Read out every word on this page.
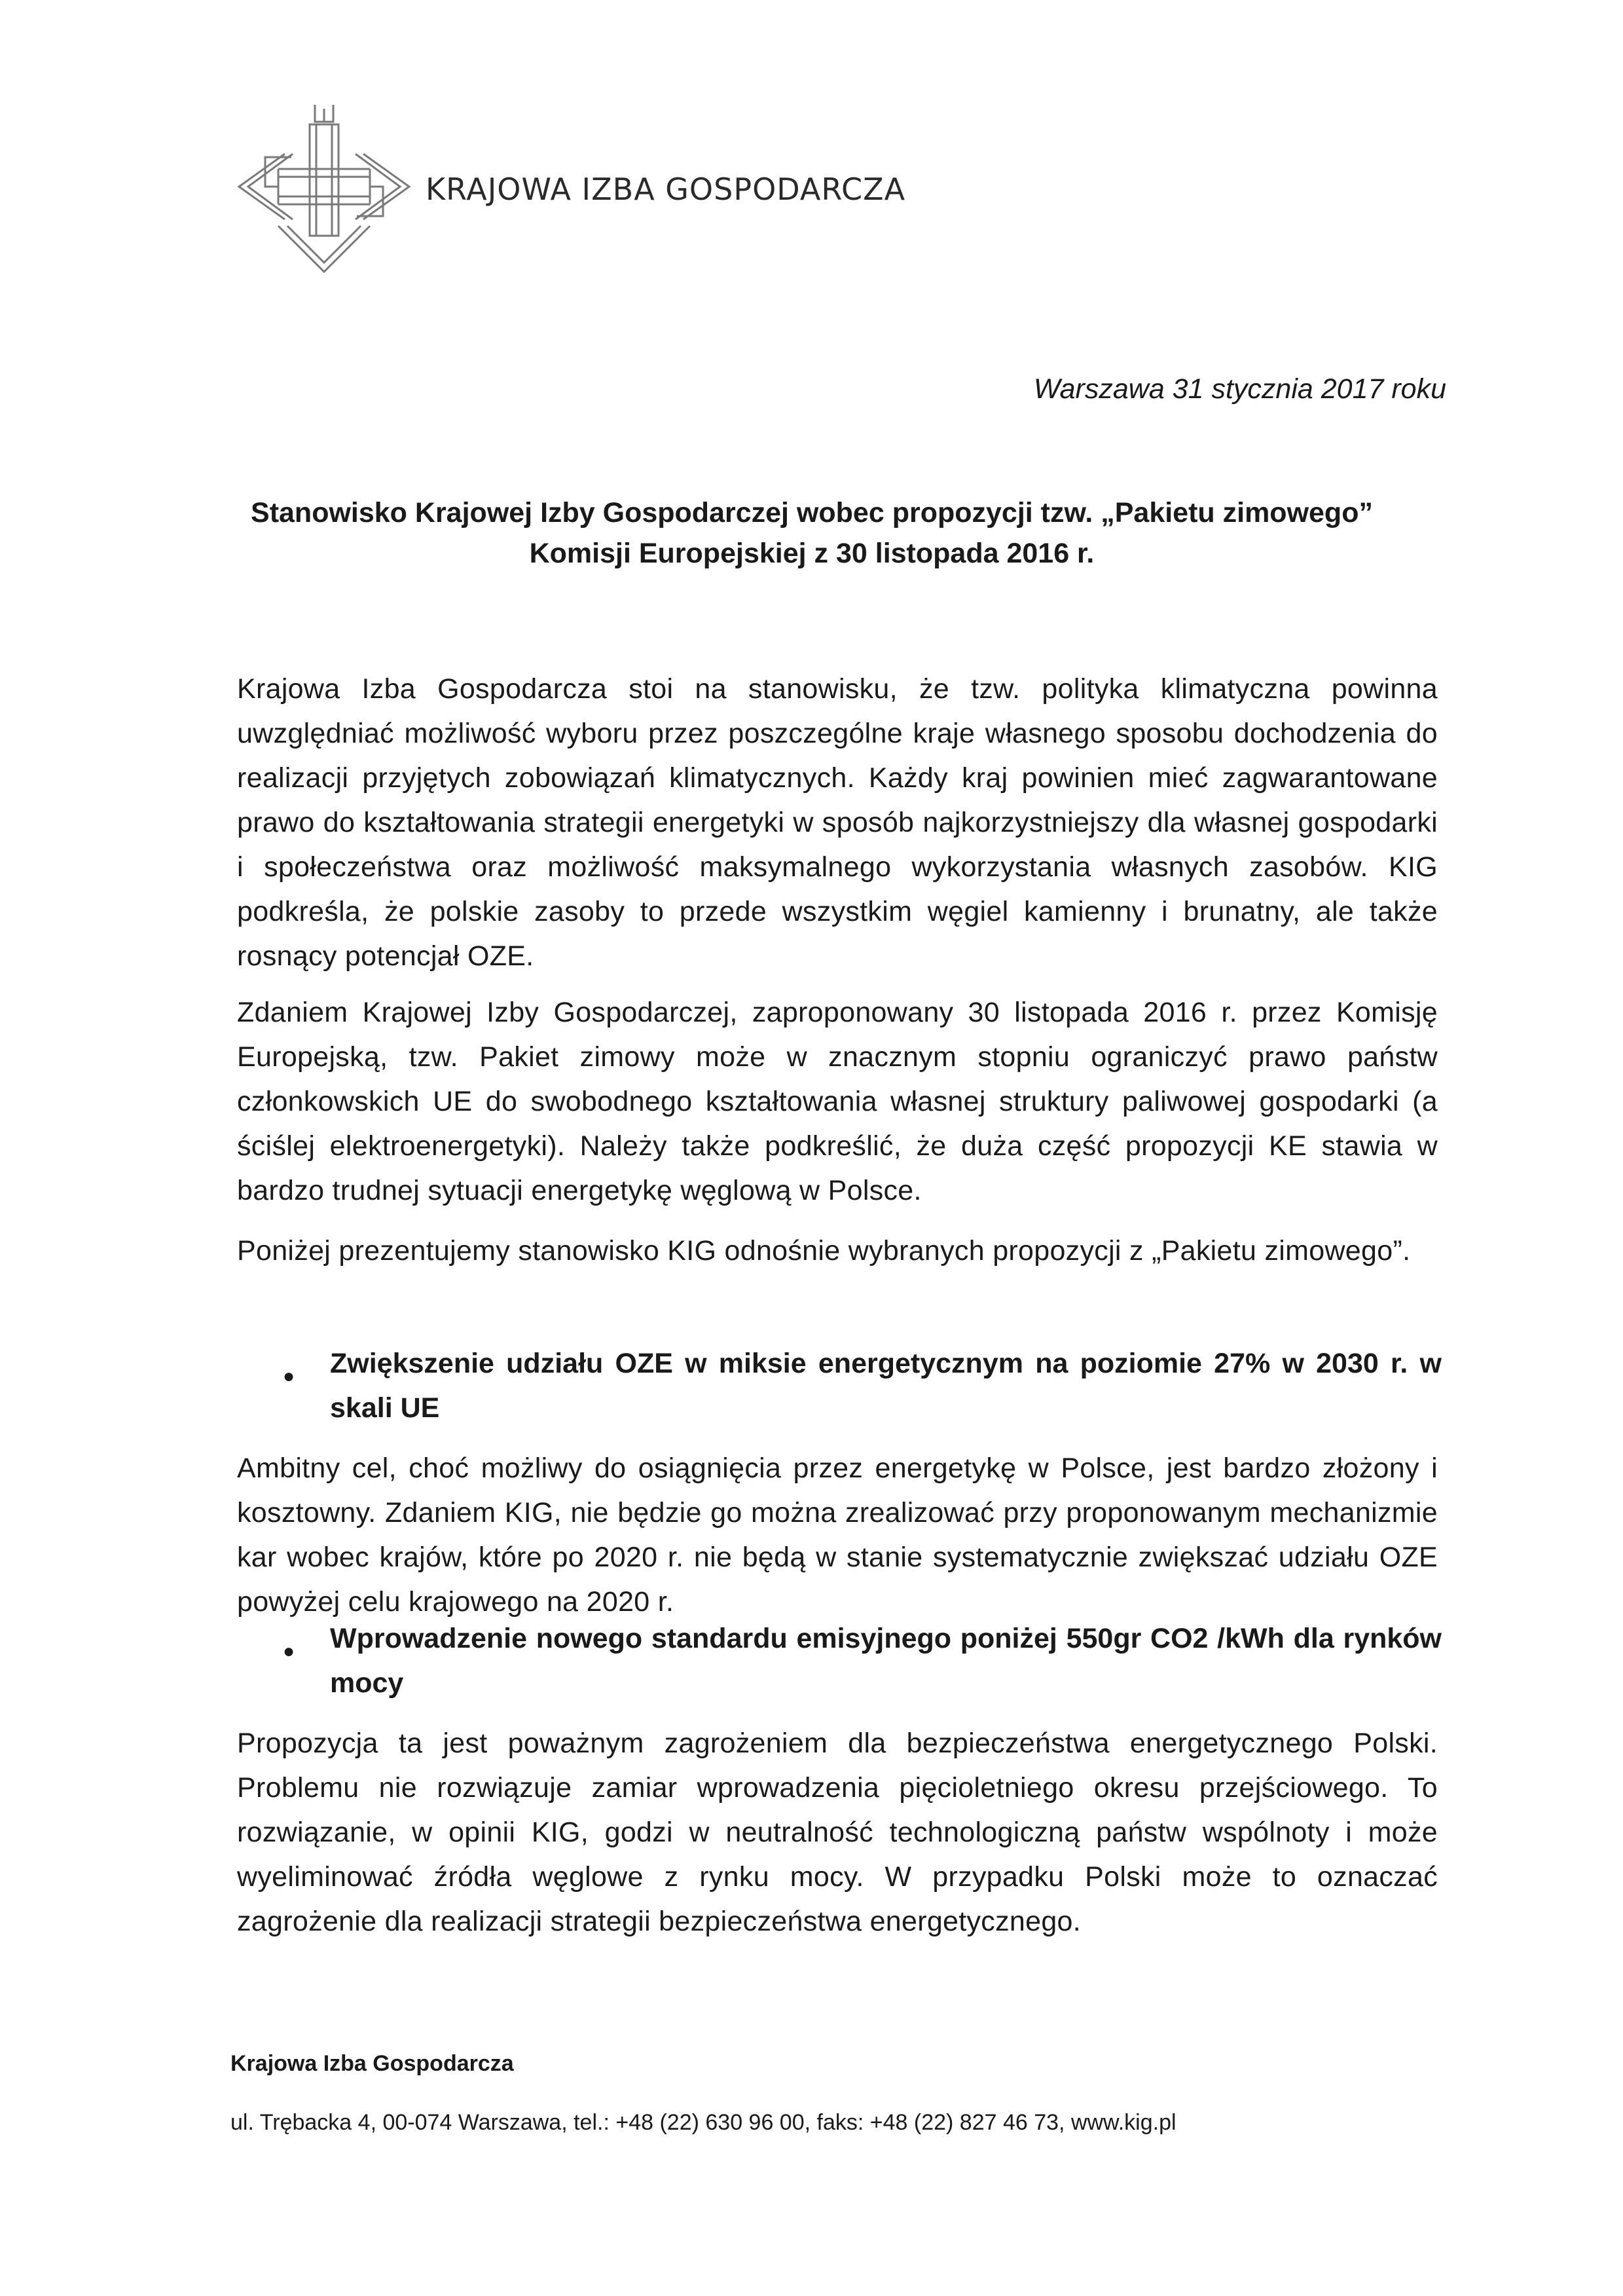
KRAJOWA IZBA GOSPODARCZA
Warszawa 31 stycznia 2017 roku
Stanowisko Krajowej Izby Gospodarczej wobec propozycji tzw. „Pakietu zimowego”
Komisji Europejskiej z 30 listopada 2016 r.
Krajowa Izba Gospodarcza stoi na stanowisku, że tzw. polityka klimatyczna powinna uwzględniać możliwość wyboru przez poszczególne kraje własnego sposobu dochodzenia do realizacji przyjętych zobowiązań klimatycznych. Każdy kraj powinien mieć zagwarantowane prawo do kształtowania strategii energetyki w sposób najkorzystniejszy dla własnej gospodarki i społeczeństwa oraz możliwość maksymalnego wykorzystania własnych zasobów. KIG podkreśla, że polskie zasoby to przede wszystkim węgiel kamienny i brunatny, ale także rosnący potencjał OZE.
Zdaniem Krajowej Izby Gospodarczej, zaproponowany 30 listopada 2016 r. przez Komisję Europejską, tzw. Pakiet zimowy może w znacznym stopniu ograniczyć prawo państw członkowskich UE do swobodnego kształtowania własnej struktury paliwowej gospodarki (a ściślej elektroenergetyki). Należy także podkreślić, że duża część propozycji KE stawia w bardzo trudnej sytuacji energetykę węglową w Polsce.
Poniżej prezentujemy stanowisko KIG odnośnie wybranych propozycji z „Pakietu zimowego”.
● Zwiększenie udziału OZE w miksie energetycznym na poziomie 27% w 2030 r. w skali UE
Ambitny cel, choć możliwy do osiągnięcia przez energetykę w Polsce, jest bardzo złożony i kosztowny. Zdaniem KIG, nie będzie go można zrealizować przy proponowanym mechanizmie kar wobec krajów, które po 2020 r. nie będą w stanie systematycznie zwiększać udziału OZE powyżej celu krajowego na 2020 r.
● Wprowadzenie nowego standardu emisyjnego poniżej 550gr CO2 /kWh dla rynków mocy
Propozycja ta jest poważnym zagrożeniem dla bezpieczeństwa energetycznego Polski. Problemu nie rozwiązuje zamiar wprowadzenia pięcioletniego okresu przejściowego. To rozwiązanie, w opinii KIG, godzi w neutralność technologiczną państw wspólnoty i może wyeliminować źródła węglowe z rynku mocy. W przypadku Polski może to oznaczać zagrożenie dla realizacji strategii bezpieczeństwa energetycznego.
Krajowa Izba Gospodarcza
ul. Trębacka 4, 00-074 Warszawa, tel.: +48 (22) 630 96 00, faks: +48 (22) 827 46 73, www.kig.pl
